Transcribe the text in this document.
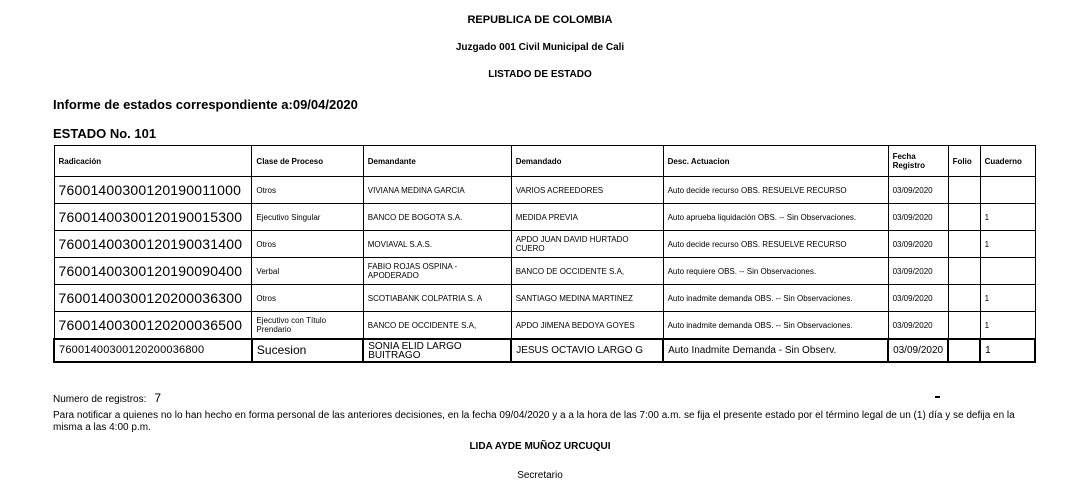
REPUBLICA DE COLOMBIA
Juzgado 001 Civil Municipal de Cali
LISTADO DE ESTADO
Informe de estados correspondiente a:09/04/2020
ESTADO No. 101
Radicación	Clase de Proceso	Demandante	Demandado	Desc. Actuacion	Fecha Registro	Folio	Cuaderno
76001400300120190011000	Otros	VIVIANA MEDINA GARCIA	VARIOS ACREEDORES	Auto decide recurso OBS. RESUELVE RECURSO	03/09/2020		
76001400300120190015300	Ejecutivo Singular	BANCO DE BOGOTA S.A.	MEDIDA PREVIA	Auto aprueba liquidación OBS. -- Sin Observaciones.	03/09/2020		1
76001400300120190031400	Otros	MOVIAVAL S.A.S.	APDO JUAN DAVID HURTADO CUERO	Auto decide recurso OBS. RESUELVE RECURSO	03/09/2020		1
76001400300120190090400	Verbal	FABIO ROJAS OSPINA - APODERADO	BANCO DE OCCIDENTE S.A,	Auto requiere OBS. -- Sin Observaciones.	03/09/2020		
76001400300120200036300	Otros	SCOTIABANK COLPATRIA S. A	SANTIAGO MEDINA MARTINEZ	Auto inadmite demanda OBS. -- Sin Observaciones.	03/09/2020		1
76001400300120200036500	Ejecutivo con Título Prendario	BANCO DE OCCIDENTE S.A,	APDO JIMENA BEDOYA GOYES	Auto inadmite demanda OBS. -- Sin Observaciones.	03/09/2020		1
76001400300120200036800	Sucesion	SONIA ELID LARGO BUITRAGO	JESUS OCTAVIO LARGO G	Auto Inadmite Demanda - Sin Observ.	03/09/2020		1
Numero de registros: 7
Para notificar a quienes no lo han hecho en forma personal de las anteriores decisiones, en la fecha 09/04/2020 y a a la hora de las 7:00 a.m. se fija el presente estado por el término legal de un (1) día y se defija en la misma a las 4:00 p.m.
LIDA AYDE MUÑOZ URCUQUI
Secretario
